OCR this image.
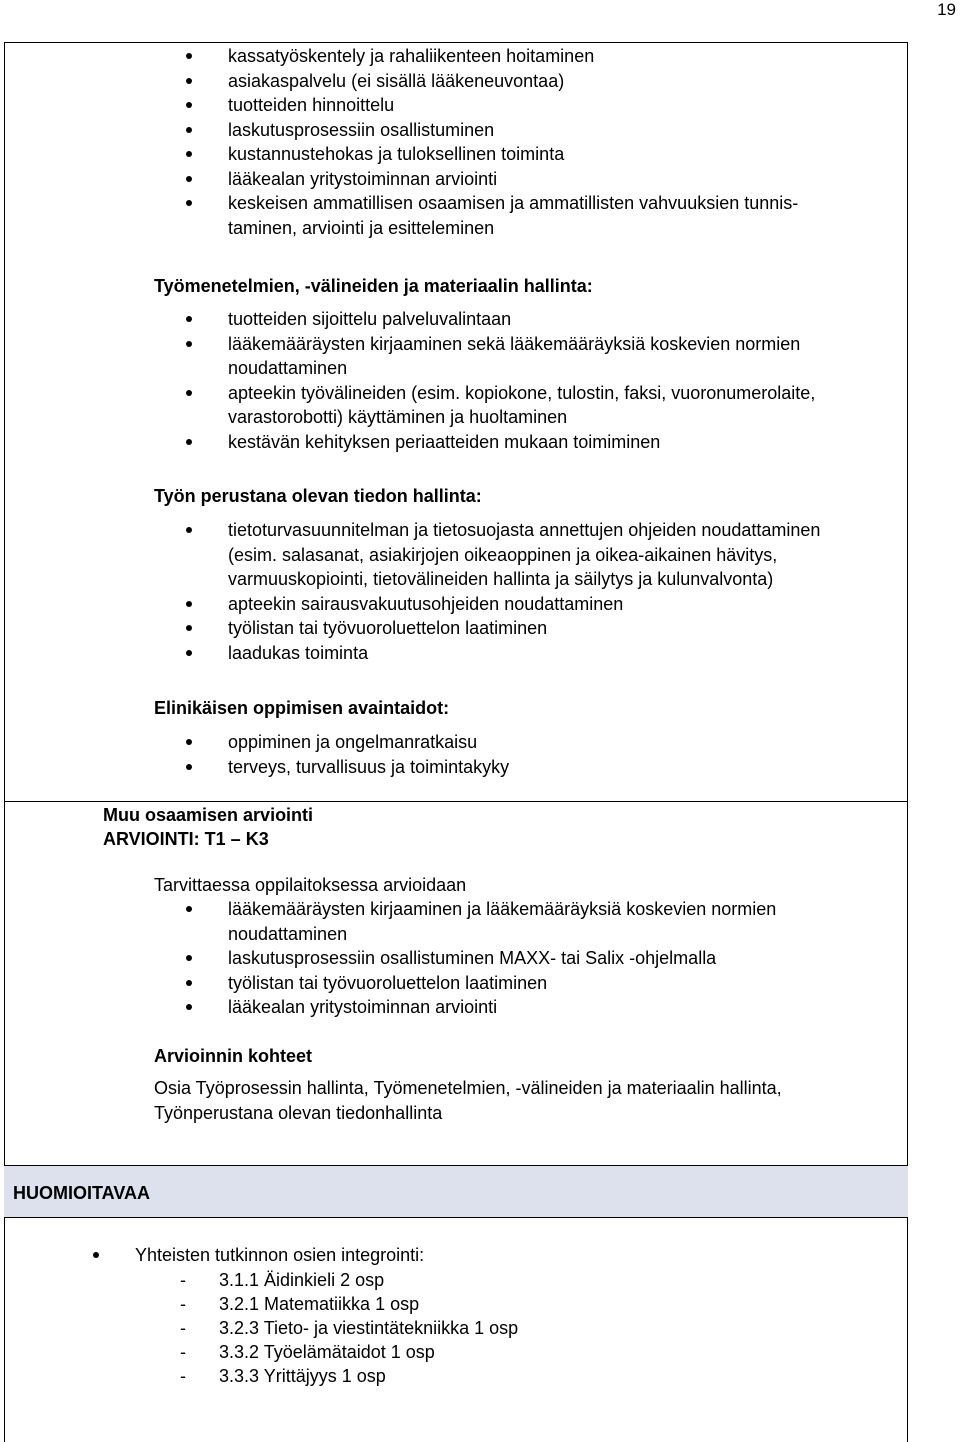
19
kassatyöskentely ja rahaliikenteen hoitaminen
asiakaspalvelu (ei sisällä lääkeneuvontaa)
tuotteiden hinnoittelu
laskutusprosessiin osallistuminen
kustannustehokas ja tuloksellinen toiminta
lääkealan yritystoiminnan arviointi
keskeisen ammatillisen osaamisen ja ammatillisten vahvuuksien tunnis-
taminen, arviointi ja esitteleminen
Työmenetelmien, -välineiden ja materiaalin hallinta:
tuotteiden sijoittelu palveluvalintaan
lääkemääräysten kirjaaminen sekä lääkemääräyksiä koskevien normien
noudattaminen
apteekin työvälineiden (esim. kopiokone, tulostin, faksi, vuoronumerolaite,
varastorobotti) käyttäminen ja huoltaminen
kestävän kehityksen periaatteiden mukaan toimiminen
Työn perustana olevan tiedon hallinta:
tietoturvasuunnitelman ja tietosuojasta annettujen ohjeiden noudattaminen
(esim. salasanat, asiakirjojen oikeaoppinen ja oikea-aikainen hävitys,
varmuuskopiointi, tietovälineiden hallinta ja säilytys ja kulunvalvonta)
apteekin sairausvakuutusohjeiden noudattaminen
työlistan tai työvuoroluettelon laatiminen
laadukas toiminta
Elinikäisen oppimisen avaintaidot:
oppiminen ja ongelmanratkaisu
terveys, turvallisuus ja toimintakyky
Muu osaamisen arviointi
ARVIOINTI: T1 – K3
Tarvittaessa oppilaitoksessa arvioidaan
lääkemääräysten kirjaaminen ja lääkemääräyksiä koskevien normien
noudattaminen
laskutusprosessiin osallistuminen MAXX- tai Salix -ohjelmalla
työlistan tai työvuoroluettelon laatiminen
lääkealan yritystoiminnan arviointi
Arvioinnin kohteet
Osia Työprosessin hallinta, Työmenetelmien, -välineiden ja materiaalin hallinta,
Työnperustana olevan tiedonhallinta
HUOMIOITAVAA
Yhteisten tutkinnon osien integrointi:
- 3.1.1 Äidinkieli 2 osp
- 3.2.1 Matematiikka 1 osp
- 3.2.3 Tieto- ja viestintätekniikka 1 osp
- 3.3.2 Työelämätaidot 1 osp
- 3.3.3 Yrittäjyys 1 osp
